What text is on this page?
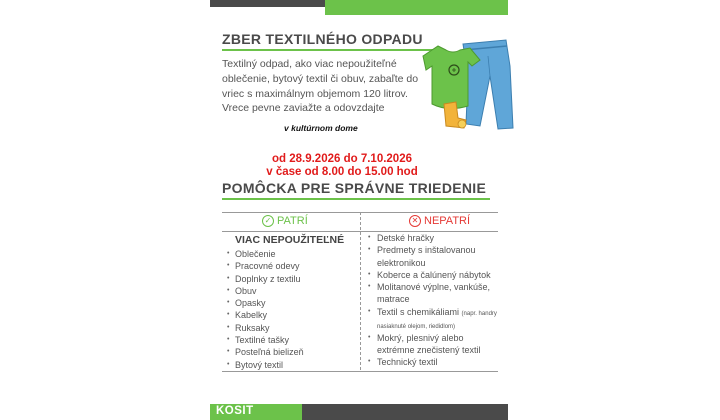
ZBER TEXTILNÉHO ODPADU
Textilný odpad, ako viac nepoužiteľné oblečenie, bytový textil či obuv, zabaľte do vriec s maximálnym objemom 120 litrov. Vrece pevne zaviažte a odovzdajte
v kultúrnom dome
od 28.9.2026 do 7.10.2026
v čase od 8.00 do 15.00 hod
POMÔCKA PRE SPRÁVNE TRIEDENIE
✓ PATRÍ	✕ NEPATRÍ
VIAC NEPOUŽITEĽNÉ
• Oblečenie
• Pracovné odevy
• Doplnky z textilu
• Obuv
• Opasky
• Kabelky
• Ruksaky
• Textilné tašky
• Posteľná bielizeň
• Bytový textil
• Detské hračky
• Predmety s inštalovanou elektronikou
• Koberce a čalúnený nábytok
• Molitanové výplne, vankúše, matrace
• Textil s chemikáliami (napr. handry nasiaknuté olejom, riedidlom)
• Mokrý, plesnivý alebo extrémne znečistený textil
• Technický textil
KOSIT
